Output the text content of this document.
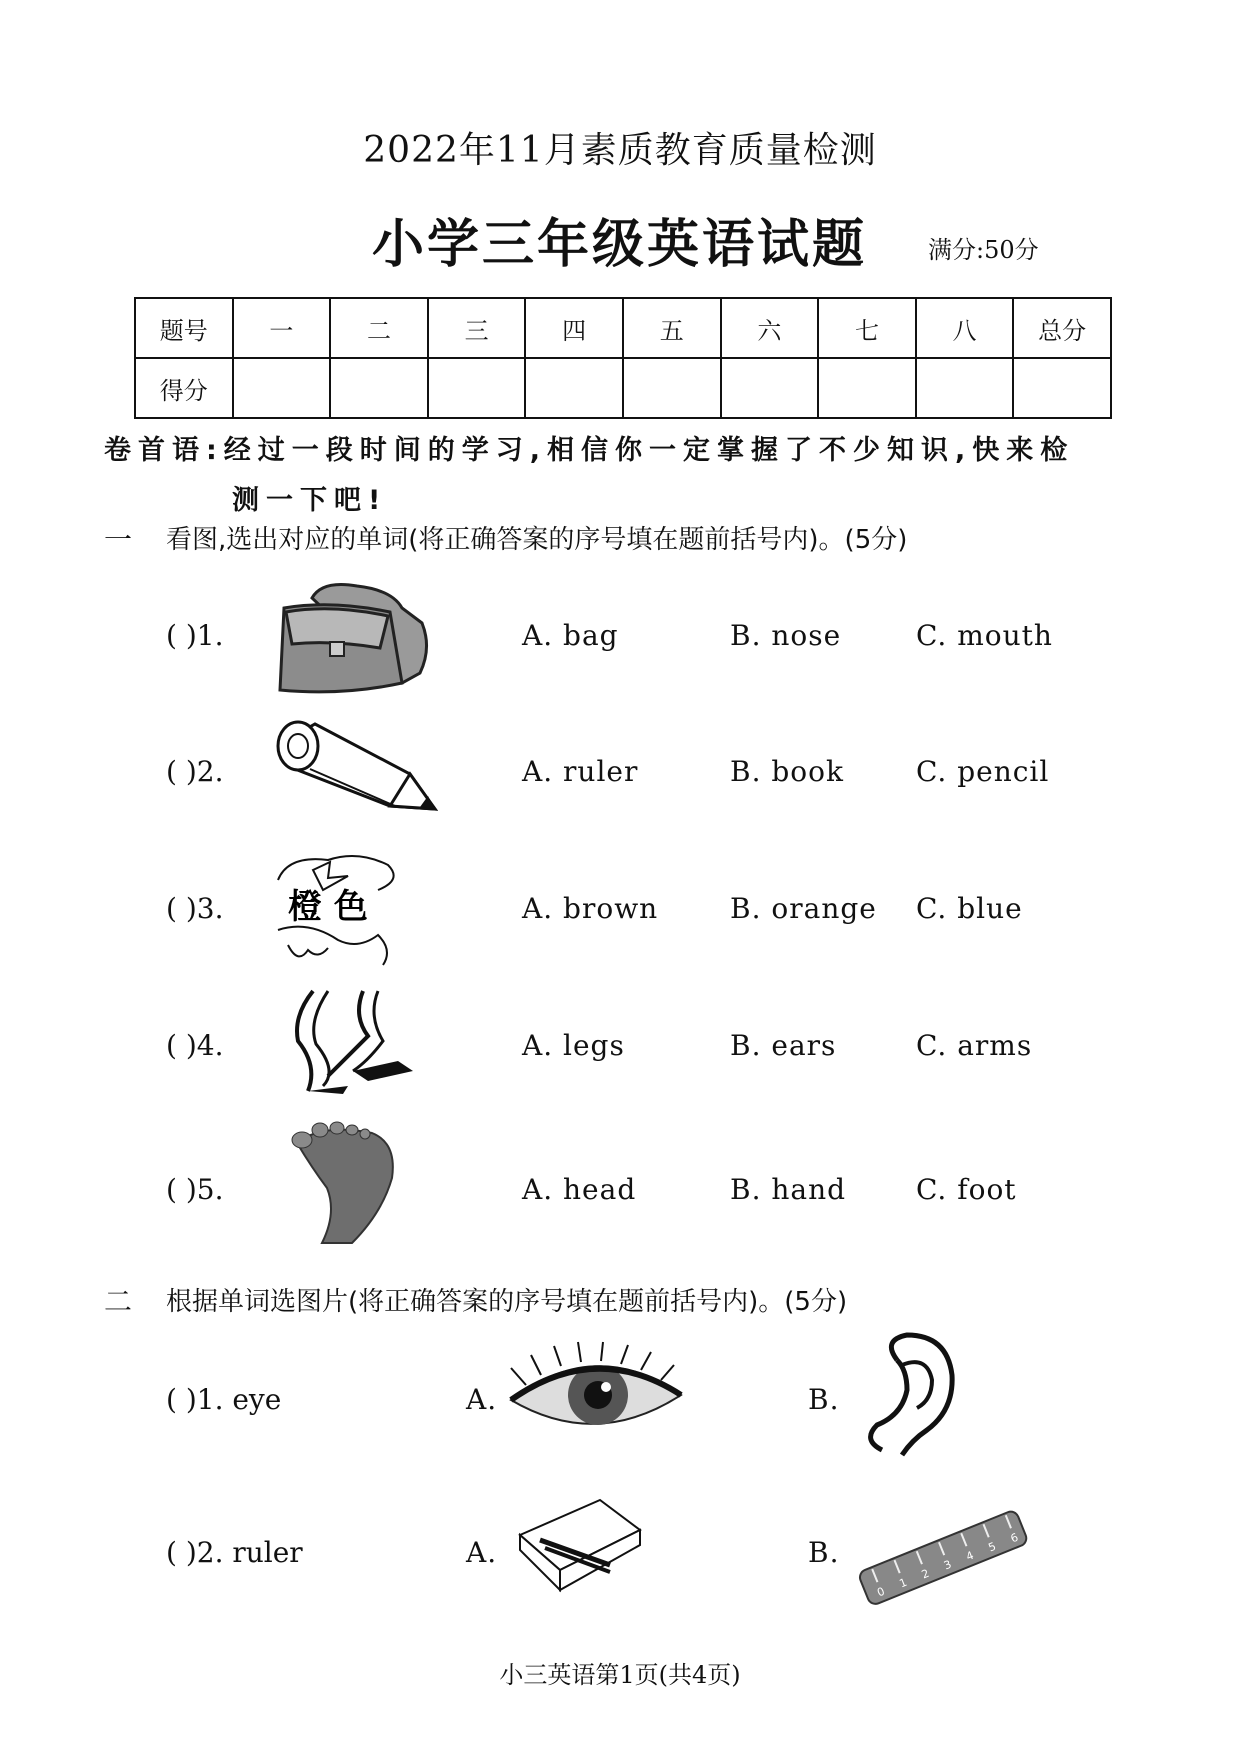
2022年11月素质教育质量检测
小学三年级英语试题	满分:50分
题号	一	二	三	四	五	六	七	八	总分
得分									
卷首语:经过一段时间的学习,相信你一定掌握了不少知识,快来检
测一下吧!
一 看图,选出对应的单词(将正确答案的序号填在题前括号内)。(5分)
( )1.	A. bag	B. nose	C. mouth
( )2.	A. ruler	B. book	C. pencil
( )3. 橙 色	A. brown	B. orange C. blue
( )4.	A. legs	B. ears	C. arms
( )5.	A. head	B. hand C. foot
二 根据单词选图片(将正确答案的序号填在题前括号内)。(5分)
( )1. eye	A.	B.
( )2. ruler	A.	B.
0
1
2
3
4
5
6
小三英语第1页(共4页)
